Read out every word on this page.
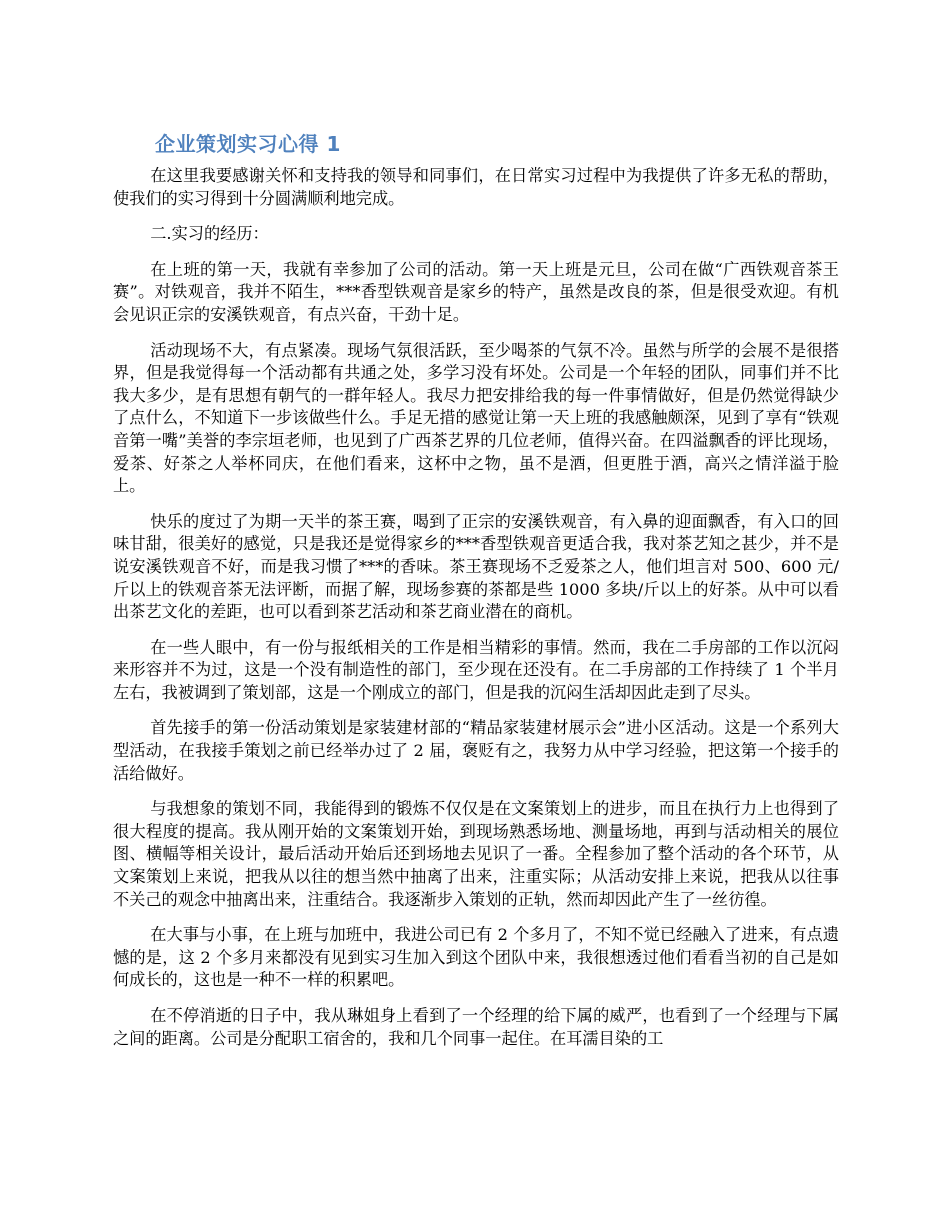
企业策划实习心得 1

在这里我要感谢关怀和支持我的领导和同事们，在日常实习过程中为我提供了许多无私的帮助，使我们的实习得到十分圆满顺利地完成。

二.实习的经历：

在上班的第一天，我就有幸参加了公司的活动。第一天上班是元旦，公司在做“广西铁观音茶王赛”。对铁观音，我并不陌生，***香型铁观音是家乡的特产，虽然是改良的茶，但是很受欢迎。有机会见识正宗的安溪铁观音，有点兴奋，干劲十足。

活动现场不大，有点紧凑。现场气氛很活跃，至少喝茶的气氛不冷。虽然与所学的会展不是很搭界，但是我觉得每一个活动都有共通之处，多学习没有坏处。公司是一个年轻的团队，同事们并不比我大多少，是有思想有朝气的一群年轻人。我尽力把安排给我的每一件事情做好，但是仍然觉得缺少了点什么，不知道下一步该做些什么。手足无措的感觉让第一天上班的我感触颇深，见到了享有“铁观音第一嘴”美誉的李宗垣老师，也见到了广西茶艺界的几位老师，值得兴奋。在四溢飘香的评比现场，爱茶、好茶之人举杯同庆，在他们看来，这杯中之物，虽不是酒，但更胜于酒，高兴之情洋溢于脸上。

快乐的度过了为期一天半的茶王赛，喝到了正宗的安溪铁观音，有入鼻的迎面飘香，有入口的回味甘甜，很美好的感觉，只是我还是觉得家乡的***香型铁观音更适合我，我对茶艺知之甚少，并不是说安溪铁观音不好，而是我习惯了***的香味。茶王赛现场不乏爱茶之人，他们坦言对 500、600 元/斤以上的铁观音茶无法评断，而据了解，现场参赛的茶都是些 1000 多块/斤以上的好茶。从中可以看出茶艺文化的差距，也可以看到茶艺活动和茶艺商业潜在的商机。

在一些人眼中，有一份与报纸相关的工作是相当精彩的事情。然而，我在二手房部的工作以沉闷来形容并不为过，这是一个没有制造性的部门，至少现在还没有。在二手房部的工作持续了 1 个半月左右，我被调到了策划部，这是一个刚成立的部门，但是我的沉闷生活却因此走到了尽头。

首先接手的第一份活动策划是家装建材部的“精品家装建材展示会”进小区活动。这是一个系列大型活动，在我接手策划之前已经举办过了 2 届，褒贬有之，我努力从中学习经验，把这第一个接手的活给做好。

与我想象的策划不同，我能得到的锻炼不仅仅是在文案策划上的进步，而且在执行力上也得到了很大程度的提高。我从刚开始的文案策划开始，到现场熟悉场地、测量场地，再到与活动相关的展位图、横幅等相关设计，最后活动开始后还到场地去见识了一番。全程参加了整个活动的各个环节，从文案策划上来说，把我从以往的想当然中抽离了出来，注重实际；从活动安排上来说，把我从以往事不关己的观念中抽离出来，注重结合。我逐渐步入策划的正轨，然而却因此产生了一丝彷徨。

在大事与小事，在上班与加班中，我进公司已有 2 个多月了，不知不觉已经融入了进来，有点遗憾的是，这 2 个多月来都没有见到实习生加入到这个团队中来，我很想透过他们看看当初的自己是如何成长的，这也是一种不一样的积累吧。

在不停消逝的日子中，我从琳姐身上看到了一个经理的给下属的威严，也看到了一个经理与下属之间的距离。公司是分配职工宿舍的，我和几个同事一起住。在耳濡目染的工
